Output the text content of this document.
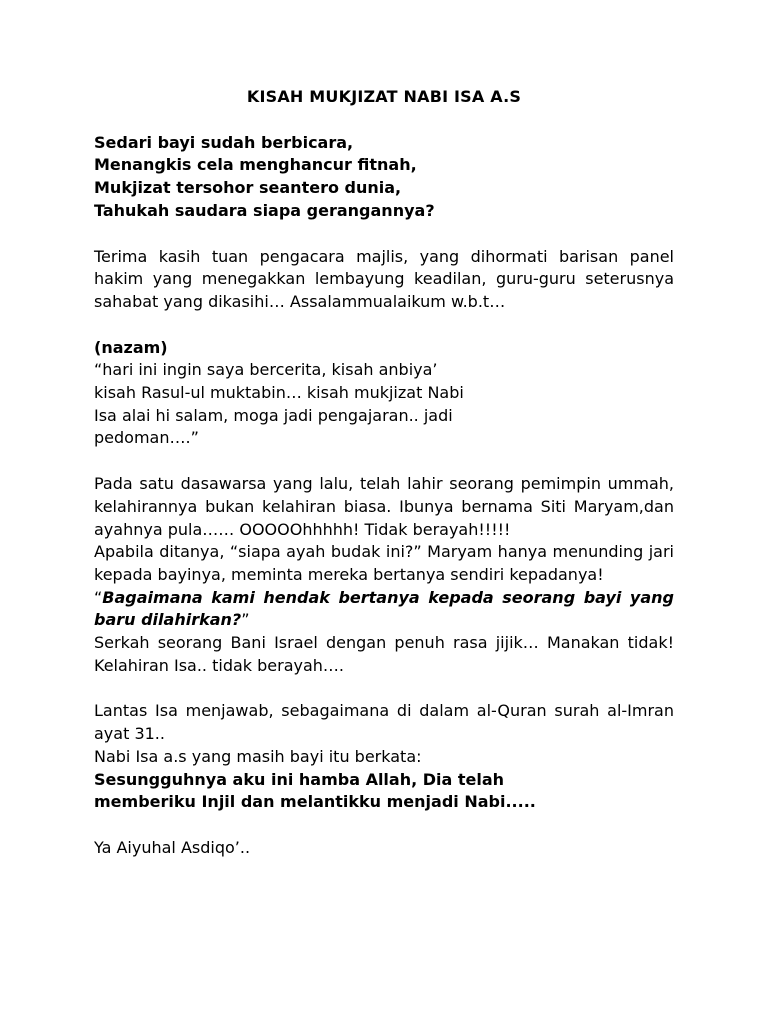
KISAH MUKJIZAT NABI ISA A.S
Sedari bayi sudah berbicara,
Menangkis cela menghancur fitnah,
Mukjizat tersohor seantero dunia,
Tahukah saudara siapa gerangannya?
Terima kasih tuan pengacara majlis, yang dihormati barisan panel hakim yang menegakkan lembayung keadilan, guru-guru seterusnya sahabat yang dikasihi… Assalammualaikum w.b.t…
(nazam)
“hari ini ingin saya bercerita, kisah anbiya’
kisah Rasul-ul muktabin… kisah mukjizat Nabi
Isa alai hi salam, moga jadi pengajaran.. jadi
pedoman….”
Pada satu dasawarsa yang lalu, telah lahir seorang pemimpin ummah, kelahirannya bukan kelahiran biasa. Ibunya bernama Siti Maryam,dan ayahnya pula…… OOOOOhhhhh! Tidak berayah!!!!!
Apabila ditanya, “siapa ayah budak ini?” Maryam hanya menunding jari kepada bayinya, meminta mereka bertanya sendiri kepadanya!
“Bagaimana kami hendak bertanya kepada seorang bayi yang baru dilahirkan?”
Serkah seorang Bani Israel dengan penuh rasa jijik… Manakan tidak! Kelahiran Isa.. tidak berayah….
Lantas Isa menjawab, sebagaimana di dalam al-Quran surah al-Imran ayat 31..
Nabi Isa a.s yang masih bayi itu berkata:
Sesungguhnya aku ini hamba Allah, Dia telah
memberiku Injil dan melantikku menjadi Nabi.....
Ya Aiyuhal Asdiqo’..
